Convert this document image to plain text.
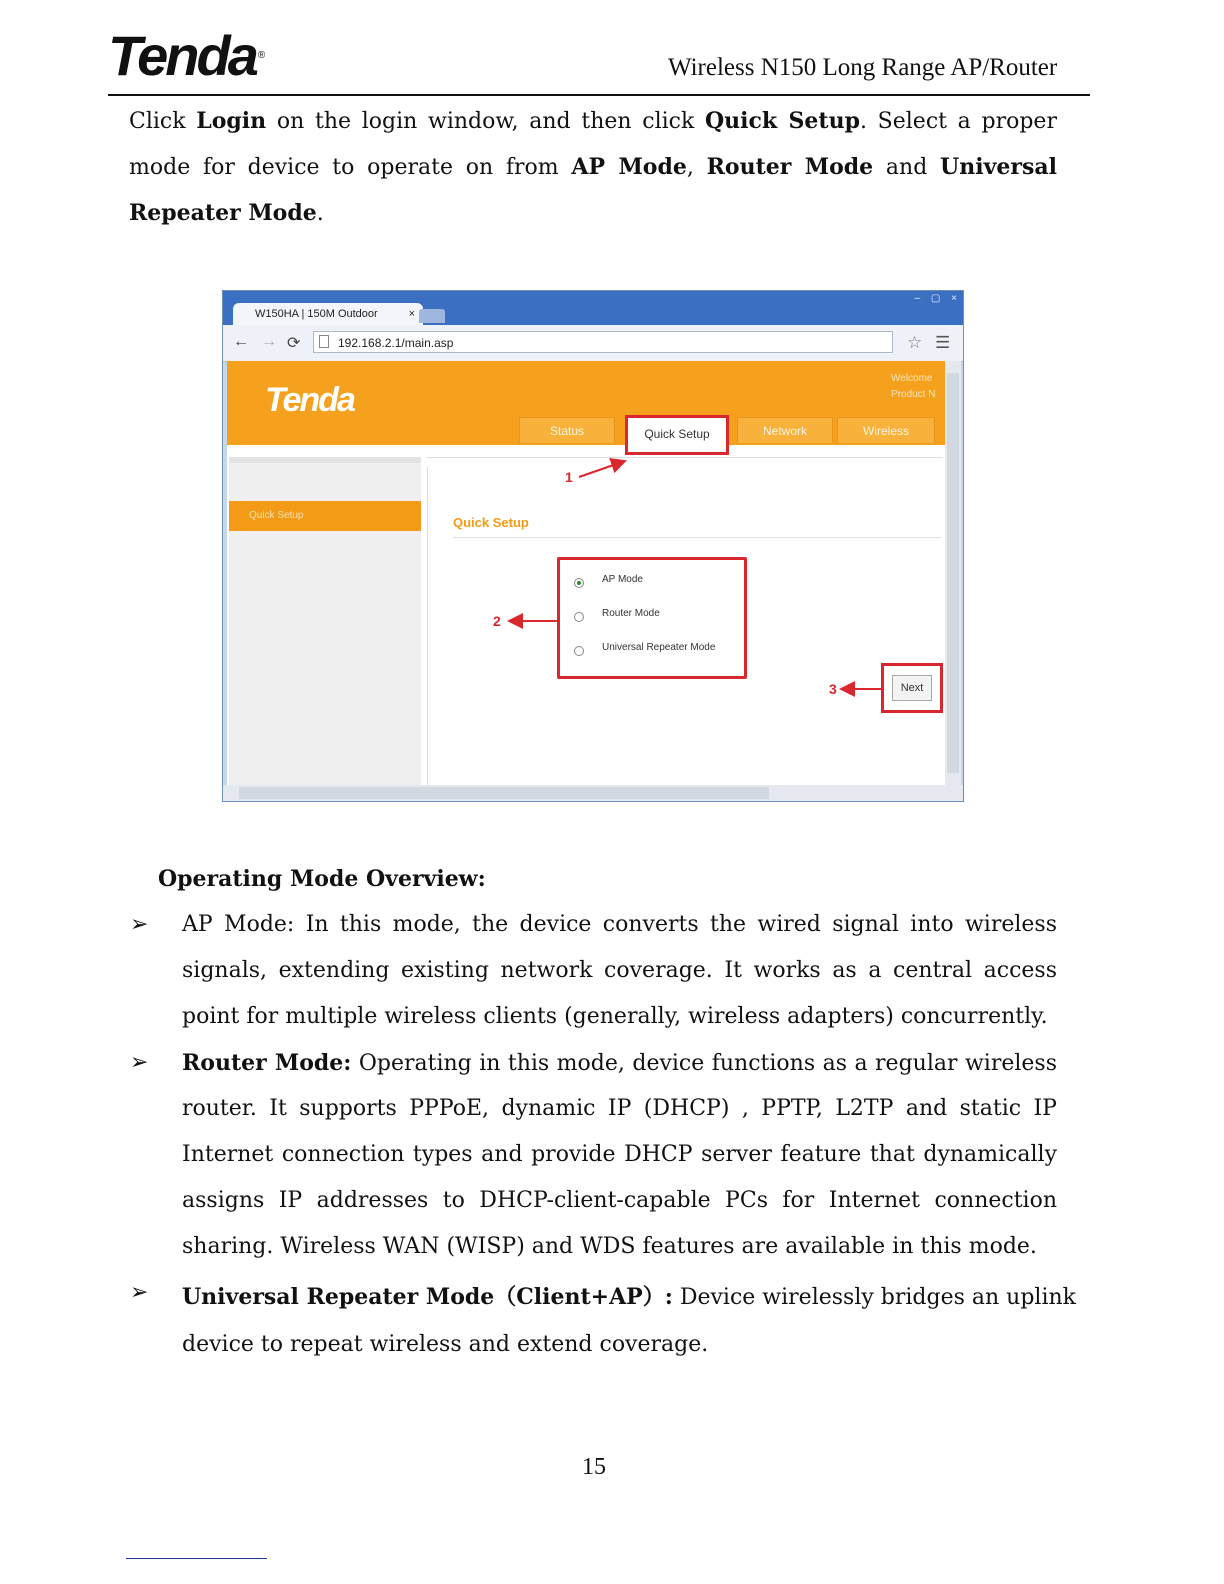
Tenda ®	Wireless N150 Long Range AP/Router
Click Login on the login window, and then click Quick Setup. Select a proper
mode for device to operate on from AP Mode, Router Mode and Universal
Repeater Mode.
– ▢ ×
W150HA | 150M Outdoor	×
← → ⟳	192.168.2.1/main.asp	☆ ☰
Tenda
Welcome
Product N
Status	Quick Setup	Network	Wireless
Quick Setup	Quick Setup
AP Mode
Router Mode
Universal Repeater Mode
Next
1
2
3
Operating Mode Overview:
➢ AP Mode: In this mode, the device converts the wired signal into wireless
signals, extending existing network coverage. It works as a central access
point for multiple wireless clients (generally, wireless adapters) concurrently.
➢ Router Mode: Operating in this mode, device functions as a regular wireless
router. It supports PPPoE, dynamic IP (DHCP) , PPTP, L2TP and static IP
Internet connection types and provide DHCP server feature that dynamically
assigns IP addresses to DHCP-client-capable PCs for Internet connection
sharing. Wireless WAN (WISP) and WDS features are available in this mode.
➢ Universal Repeater Mode（Client+AP）: Device wirelessly bridges an uplink
device to repeat wireless and extend coverage.
15
